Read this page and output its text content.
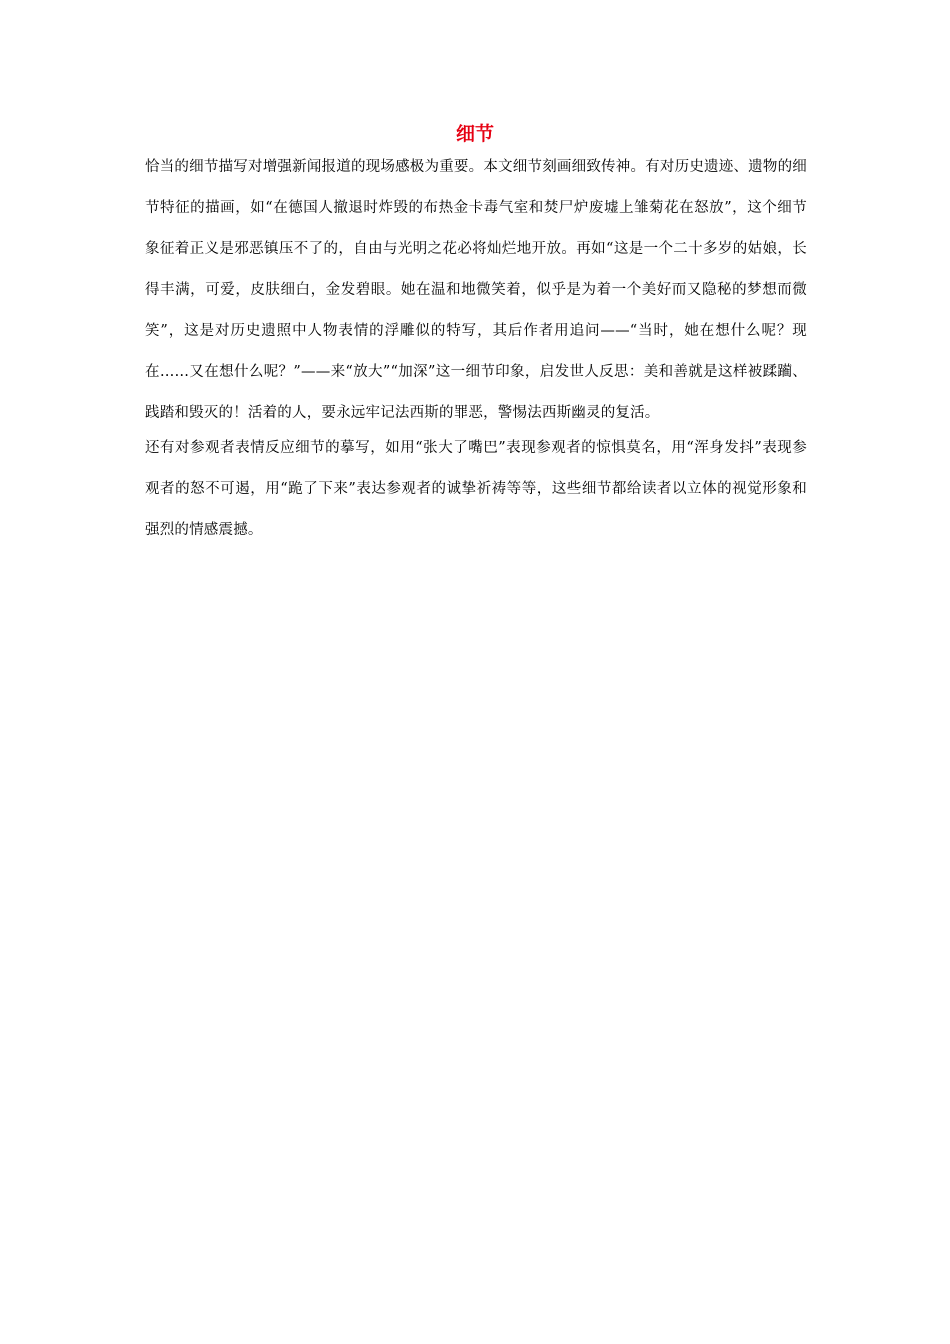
细节

恰当的细节描写对增强新闻报道的现场感极为重要。本文细节刻画细致传神。有对历史遗迹、遗物的细节特征的描画，如“在德国人撤退时炸毁的布热金卡毒气室和焚尸炉废墟上雏菊花在怒放”，这个细节象征着正义是邪恶镇压不了的，自由与光明之花必将灿烂地开放。再如“这是一个二十多岁的姑娘，长得丰满，可爱，皮肤细白，金发碧眼。她在温和地微笑着，似乎是为着一个美好而又隐秘的梦想而微笑”，这是对历史遗照中人物表情的浮雕似的特写，其后作者用追问——“当时，她在想什么呢？现在……又在想什么呢？”——来“放大”“加深”这一细节印象，启发世人反思：美和善就是这样被蹂躏、践踏和毁灭的！活着的人，要永远牢记法西斯的罪恶，警惕法西斯幽灵的复活。

还有对参观者表情反应细节的摹写，如用“张大了嘴巴”表现参观者的惊惧莫名，用“浑身发抖”表现参观者的怒不可遏，用“跪了下来”表达参观者的诚挚祈祷等等，这些细节都给读者以立体的视觉形象和强烈的情感震撼。
